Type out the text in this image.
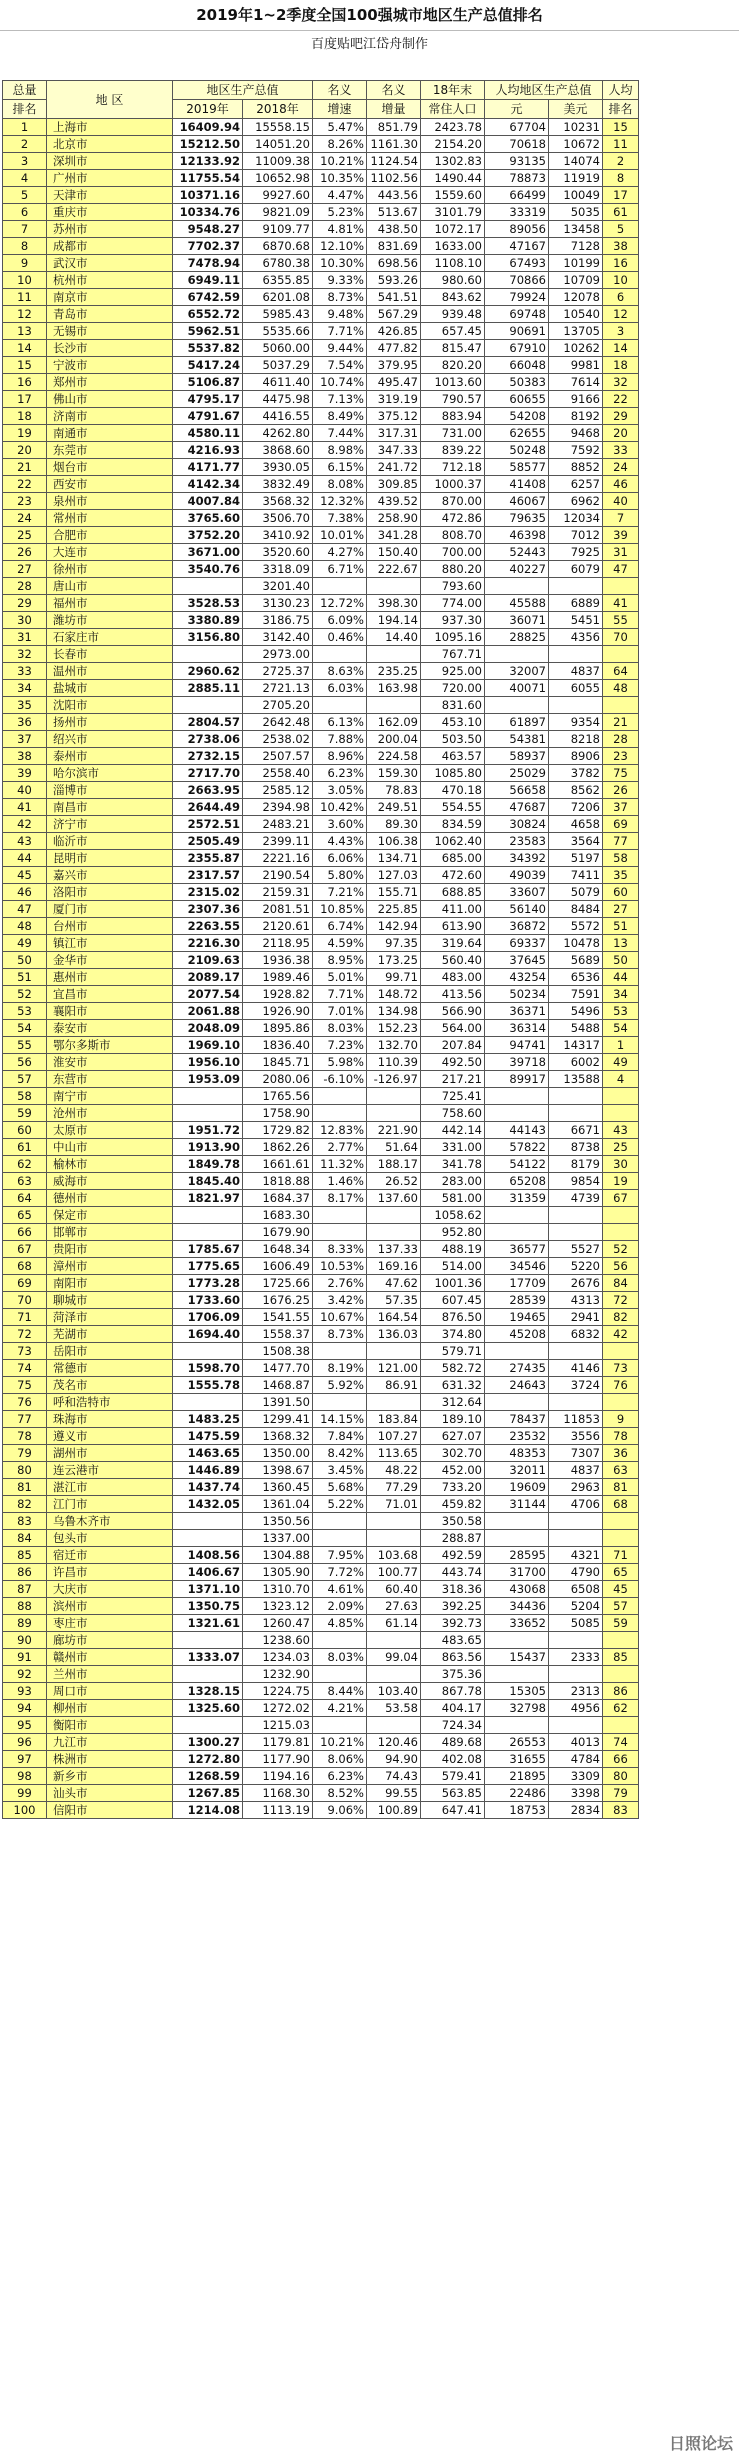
2019年1~2季度全国100强城市地区生产总值排名
百度贴吧江岱舟制作
总量	地 区	地区生产总值		名义	名义	18年末	人均地区生产总值		人均
排名		2019年	2018年	增速	增量	常住人口	元	美元	排名
1	上海市	16409.94	15558.15	5.47%	851.79	2423.78	67704	10231	15
2	北京市	15212.50	14051.20	8.26%	1161.30	2154.20	70618	10672	11
3	深圳市	12133.92	11009.38	10.21%	1124.54	1302.83	93135	14074	2
4	广州市	11755.54	10652.98	10.35%	1102.56	1490.44	78873	11919	8
5	天津市	10371.16	9927.60	4.47%	443.56	1559.60	66499	10049	17
6	重庆市	10334.76	9821.09	5.23%	513.67	3101.79	33319	5035	61
7	苏州市	9548.27	9109.77	4.81%	438.50	1072.17	89056	13458	5
8	成都市	7702.37	6870.68	12.10%	831.69	1633.00	47167	7128	38
9	武汉市	7478.94	6780.38	10.30%	698.56	1108.10	67493	10199	16
10	杭州市	6949.11	6355.85	9.33%	593.26	980.60	70866	10709	10
11	南京市	6742.59	6201.08	8.73%	541.51	843.62	79924	12078	6
12	青岛市	6552.72	5985.43	9.48%	567.29	939.48	69748	10540	12
13	无锡市	5962.51	5535.66	7.71%	426.85	657.45	90691	13705	3
14	长沙市	5537.82	5060.00	9.44%	477.82	815.47	67910	10262	14
15	宁波市	5417.24	5037.29	7.54%	379.95	820.20	66048	9981	18
16	郑州市	5106.87	4611.40	10.74%	495.47	1013.60	50383	7614	32
17	佛山市	4795.17	4475.98	7.13%	319.19	790.57	60655	9166	22
18	济南市	4791.67	4416.55	8.49%	375.12	883.94	54208	8192	29
19	南通市	4580.11	4262.80	7.44%	317.31	731.00	62655	9468	20
20	东莞市	4216.93	3868.60	8.98%	347.33	839.22	50248	7592	33
21	烟台市	4171.77	3930.05	6.15%	241.72	712.18	58577	8852	24
22	西安市	4142.34	3832.49	8.08%	309.85	1000.37	41408	6257	46
23	泉州市	4007.84	3568.32	12.32%	439.52	870.00	46067	6962	40
24	常州市	3765.60	3506.70	7.38%	258.90	472.86	79635	12034	7
25	合肥市	3752.20	3410.92	10.01%	341.28	808.70	46398	7012	39
26	大连市	3671.00	3520.60	4.27%	150.40	700.00	52443	7925	31
27	徐州市	3540.76	3318.09	6.71%	222.67	880.20	40227	6079	47
28	唐山市		3201.40			793.60			
29	福州市	3528.53	3130.23	12.72%	398.30	774.00	45588	6889	41
30	潍坊市	3380.89	3186.75	6.09%	194.14	937.30	36071	5451	55
31	石家庄市	3156.80	3142.40	0.46%	14.40	1095.16	28825	4356	70
32	长春市		2973.00			767.71			
33	温州市	2960.62	2725.37	8.63%	235.25	925.00	32007	4837	64
34	盐城市	2885.11	2721.13	6.03%	163.98	720.00	40071	6055	48
35	沈阳市		2705.20			831.60			
36	扬州市	2804.57	2642.48	6.13%	162.09	453.10	61897	9354	21
37	绍兴市	2738.06	2538.02	7.88%	200.04	503.50	54381	8218	28
38	泰州市	2732.15	2507.57	8.96%	224.58	463.57	58937	8906	23
39	哈尔滨市	2717.70	2558.40	6.23%	159.30	1085.80	25029	3782	75
40	淄博市	2663.95	2585.12	3.05%	78.83	470.18	56658	8562	26
41	南昌市	2644.49	2394.98	10.42%	249.51	554.55	47687	7206	37
42	济宁市	2572.51	2483.21	3.60%	89.30	834.59	30824	4658	69
43	临沂市	2505.49	2399.11	4.43%	106.38	1062.40	23583	3564	77
44	昆明市	2355.87	2221.16	6.06%	134.71	685.00	34392	5197	58
45	嘉兴市	2317.57	2190.54	5.80%	127.03	472.60	49039	7411	35
46	洛阳市	2315.02	2159.31	7.21%	155.71	688.85	33607	5079	60
47	厦门市	2307.36	2081.51	10.85%	225.85	411.00	56140	8484	27
48	台州市	2263.55	2120.61	6.74%	142.94	613.90	36872	5572	51
49	镇江市	2216.30	2118.95	4.59%	97.35	319.64	69337	10478	13
50	金华市	2109.63	1936.38	8.95%	173.25	560.40	37645	5689	50
51	惠州市	2089.17	1989.46	5.01%	99.71	483.00	43254	6536	44
52	宜昌市	2077.54	1928.82	7.71%	148.72	413.56	50234	7591	34
53	襄阳市	2061.88	1926.90	7.01%	134.98	566.90	36371	5496	53
54	泰安市	2048.09	1895.86	8.03%	152.23	564.00	36314	5488	54
55	鄂尔多斯市	1969.10	1836.40	7.23%	132.70	207.84	94741	14317	1
56	淮安市	1956.10	1845.71	5.98%	110.39	492.50	39718	6002	49
57	东营市	1953.09	2080.06	-6.10%	-126.97	217.21	89917	13588	4
58	南宁市		1765.56			725.41			
59	沧州市		1758.90			758.60			
60	太原市	1951.72	1729.82	12.83%	221.90	442.14	44143	6671	43
61	中山市	1913.90	1862.26	2.77%	51.64	331.00	57822	8738	25
62	榆林市	1849.78	1661.61	11.32%	188.17	341.78	54122	8179	30
63	威海市	1845.40	1818.88	1.46%	26.52	283.00	65208	9854	19
64	德州市	1821.97	1684.37	8.17%	137.60	581.00	31359	4739	67
65	保定市		1683.30			1058.62			
66	邯郸市		1679.90			952.80			
67	贵阳市	1785.67	1648.34	8.33%	137.33	488.19	36577	5527	52
68	漳州市	1775.65	1606.49	10.53%	169.16	514.00	34546	5220	56
69	南阳市	1773.28	1725.66	2.76%	47.62	1001.36	17709	2676	84
70	聊城市	1733.60	1676.25	3.42%	57.35	607.45	28539	4313	72
71	菏泽市	1706.09	1541.55	10.67%	164.54	876.50	19465	2941	82
72	芜湖市	1694.40	1558.37	8.73%	136.03	374.80	45208	6832	42
73	岳阳市		1508.38			579.71			
74	常德市	1598.70	1477.70	8.19%	121.00	582.72	27435	4146	73
75	茂名市	1555.78	1468.87	5.92%	86.91	631.32	24643	3724	76
76	呼和浩特市		1391.50			312.64			
77	珠海市	1483.25	1299.41	14.15%	183.84	189.10	78437	11853	9
78	遵义市	1475.59	1368.32	7.84%	107.27	627.07	23532	3556	78
79	湖州市	1463.65	1350.00	8.42%	113.65	302.70	48353	7307	36
80	连云港市	1446.89	1398.67	3.45%	48.22	452.00	32011	4837	63
81	湛江市	1437.74	1360.45	5.68%	77.29	733.20	19609	2963	81
82	江门市	1432.05	1361.04	5.22%	71.01	459.82	31144	4706	68
83	乌鲁木齐市		1350.56			350.58			
84	包头市		1337.00			288.87			
85	宿迁市	1408.56	1304.88	7.95%	103.68	492.59	28595	4321	71
86	许昌市	1406.67	1305.90	7.72%	100.77	443.74	31700	4790	65
87	大庆市	1371.10	1310.70	4.61%	60.40	318.36	43068	6508	45
88	滨州市	1350.75	1323.12	2.09%	27.63	392.25	34436	5204	57
89	枣庄市	1321.61	1260.47	4.85%	61.14	392.73	33652	5085	59
90	廊坊市		1238.60			483.65			
91	赣州市	1333.07	1234.03	8.03%	99.04	863.56	15437	2333	85
92	兰州市		1232.90			375.36			
93	周口市	1328.15	1224.75	8.44%	103.40	867.78	15305	2313	86
94	柳州市	1325.60	1272.02	4.21%	53.58	404.17	32798	4956	62
95	衡阳市		1215.03			724.34			
96	九江市	1300.27	1179.81	10.21%	120.46	489.68	26553	4013	74
97	株洲市	1272.80	1177.90	8.06%	94.90	402.08	31655	4784	66
98	新乡市	1268.59	1194.16	6.23%	74.43	579.41	21895	3309	80
99	汕头市	1267.85	1168.30	8.52%	99.55	563.85	22486	3398	79
100	信阳市	1214.08	1113.19	9.06%	100.89	647.41	18753	2834	83
日照论坛
